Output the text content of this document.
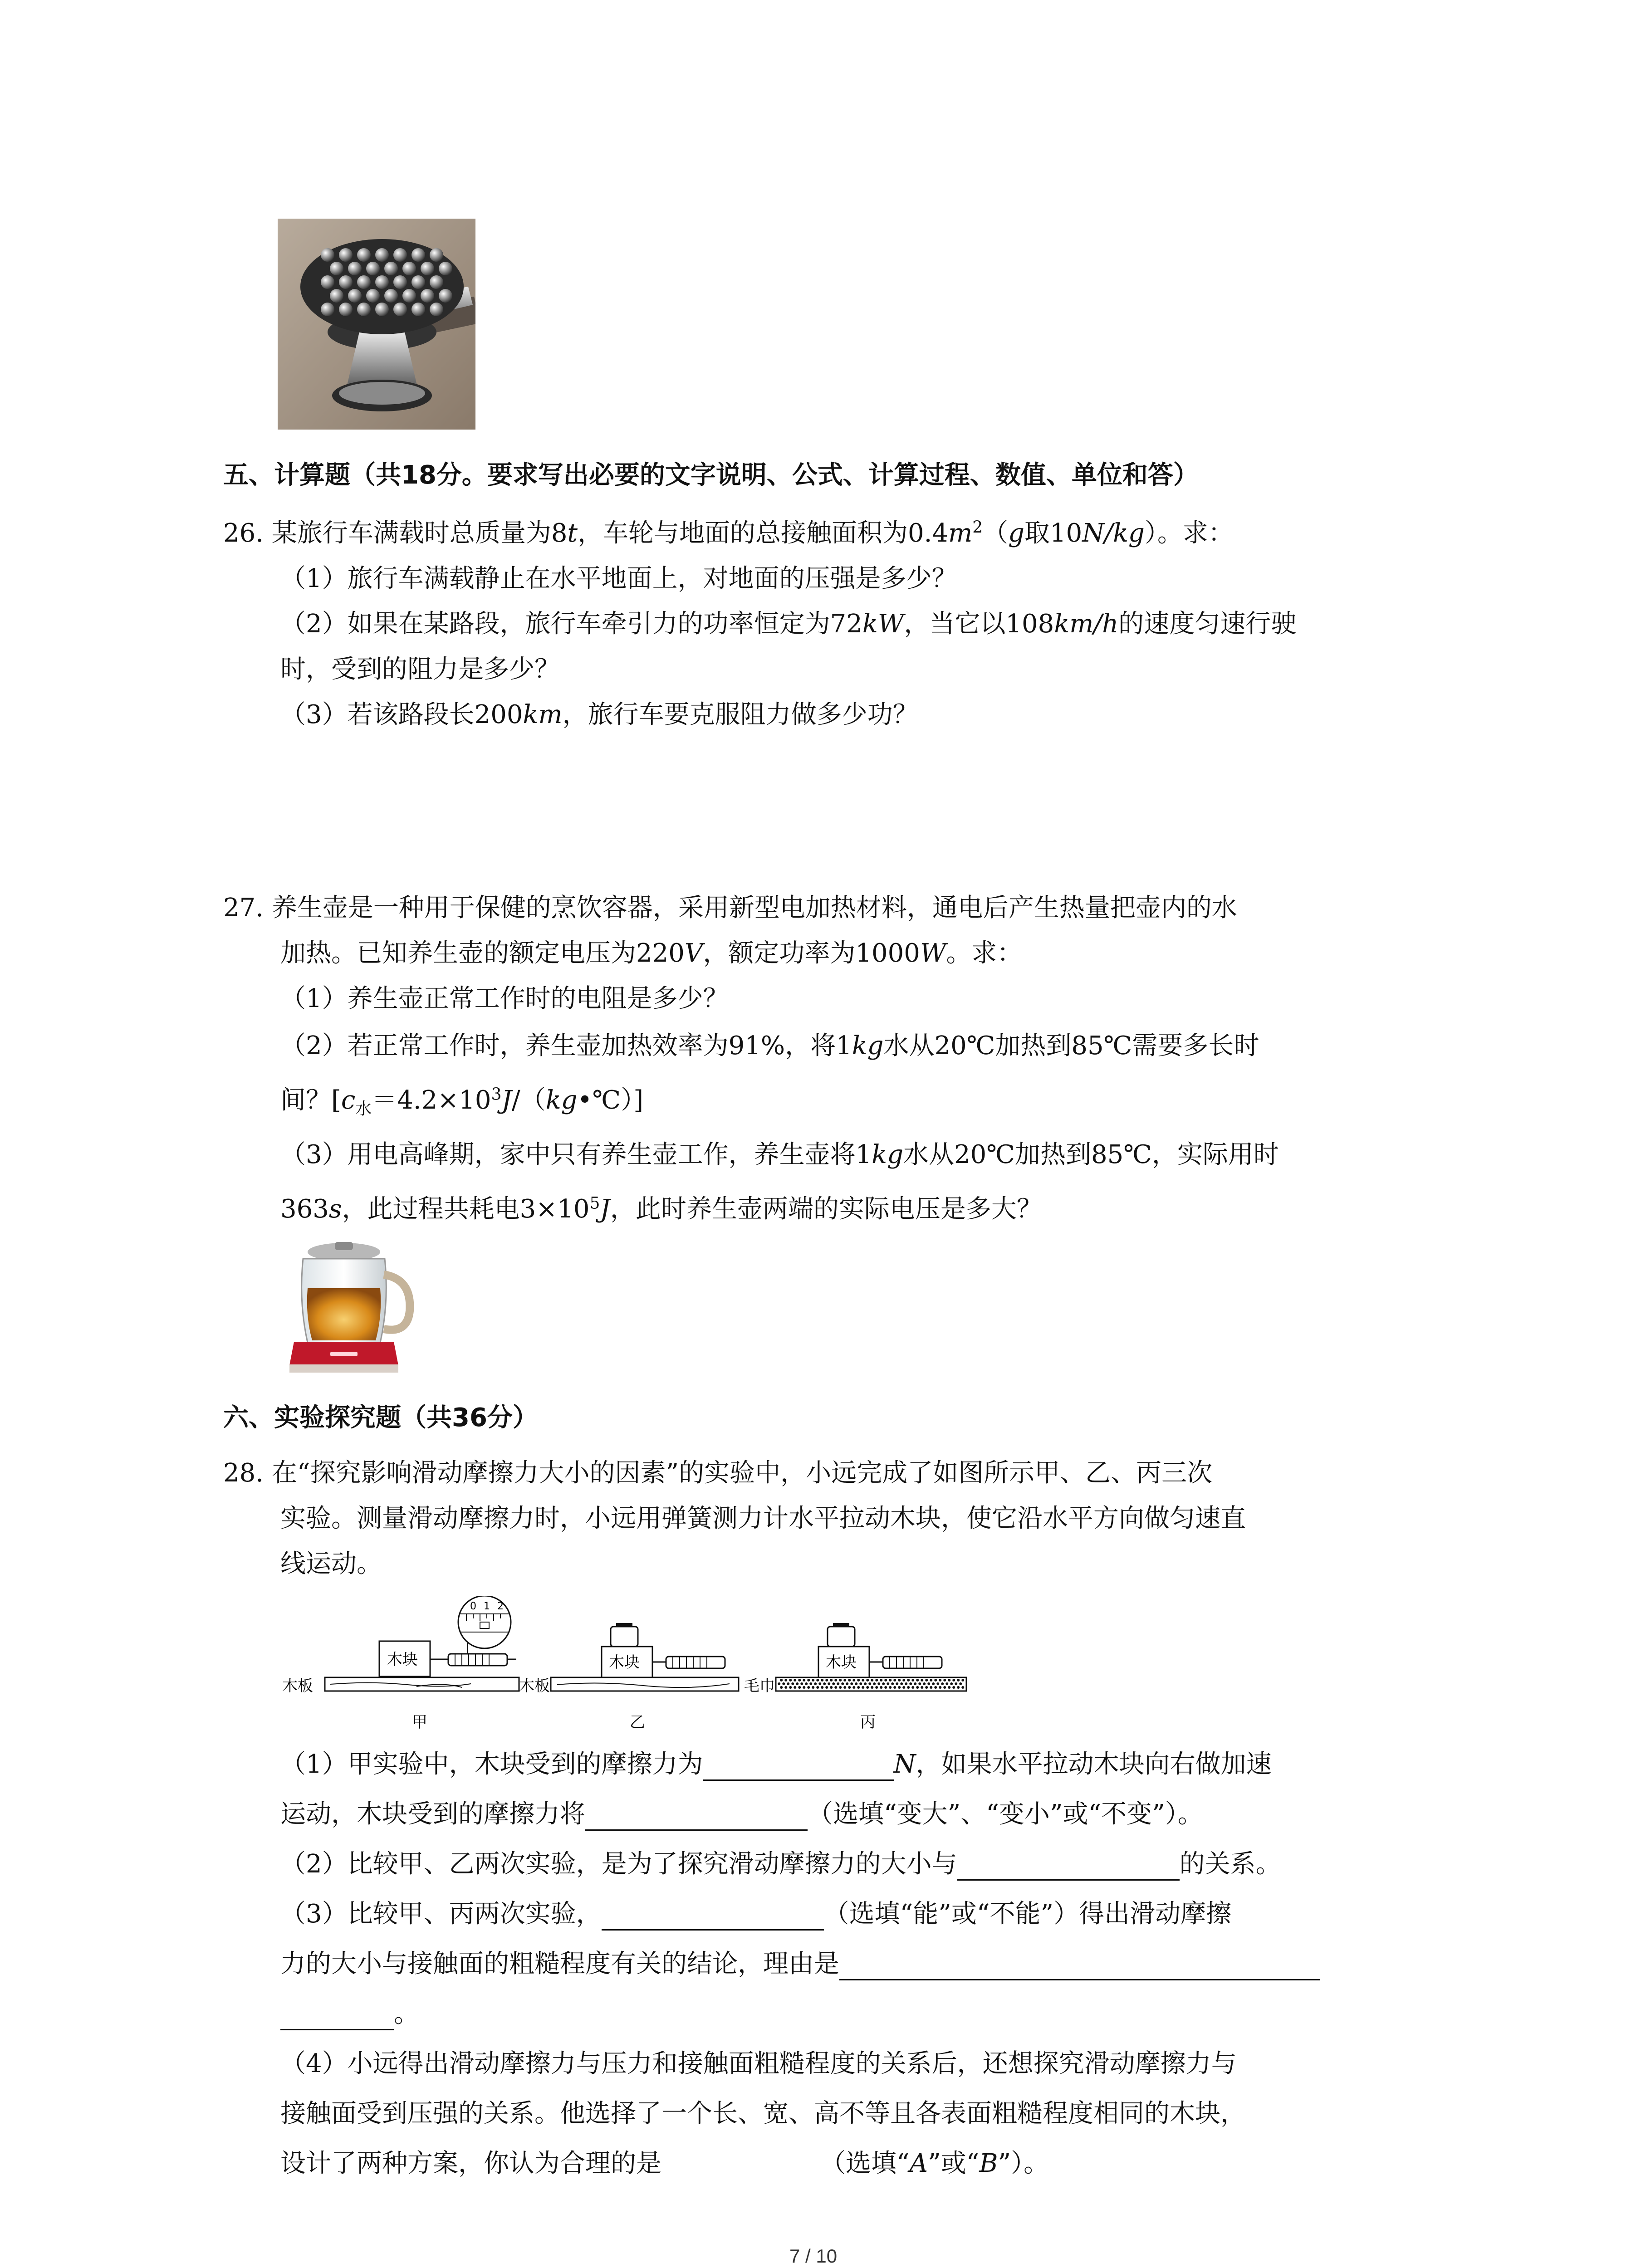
五、计算题（共18分。要求写出必要的文字说明、公式、计算过程、数值、单位和答）
26. 某旅行车满载时总质量为8t，车轮与地面的总接触面积为$0.4m^2(g$取10N/kg）。求：
（1）旅行车满载静止在水平地面上，对地面的压强是多少？
（2）如果在某路段，旅行车牵引力的功率恒定为72kW，当它以108km/h的速度匀速行驶
时，受到的阻力是多少？
（3）若该路段长200km，旅行车要克服阻力做多少功？
27. 养生壶是一种用于保健的烹饮容器，采用新型电加热材料，通电后产生热量把壶内的水
加热。已知养生壶的额定电压为220V，额定功率为1000W。求：
（1）养生壶正常工作时的电阻是多少？
（2）若正常工作时，养生壶加热效率为91%，将1kg水从20℃加热到85℃需要多长时
间？$[c_水=4.2\times 10^3J/(kg•℃)]$
（3）用电高峰期，家中只有养生壶工作，养生壶将1kg水从20℃加热到85℃，实际用时
363s，此过程共耗电$3\times 10^5J$，此时养生壶两端的实际电压是多大？
六、实验探究题（共36分）
28. 在“探究影响滑动摩擦力大小的因素”的实验中，小远完成了如图所示甲、乙、丙三次
实验。测量滑动摩擦力时，小远用弹簧测力计水平拉动木块，使它沿水平方向做匀速直
线运动。
木板
木块
0 1 2
甲
木板
木块
乙
毛巾
木块
丙
（1）甲实验中，木块受到的摩擦力为	N，如果水平拉动木块向右做加速
运动，木块受到的摩擦力将	（选填“变大”、“变小”或“不变”）。
（2）比较甲、乙两次实验，是为了探究滑动摩擦力的大小与	的关系。
（3）比较甲、丙两次实验，	（选填“能”或“不能”）得出滑动摩擦
力的大小与接触面的粗糙程度有关的结论，理由是
。
（4）小远得出滑动摩擦力与压力和接触面粗糙程度的关系后，还想探究滑动摩擦力与
接触面受到压强的关系。他选择了一个长、宽、高不等且各表面粗糙程度相同的木块，
设计了两种方案，你认为合理的是	（选填“A”或“B”）。
7 / 10
